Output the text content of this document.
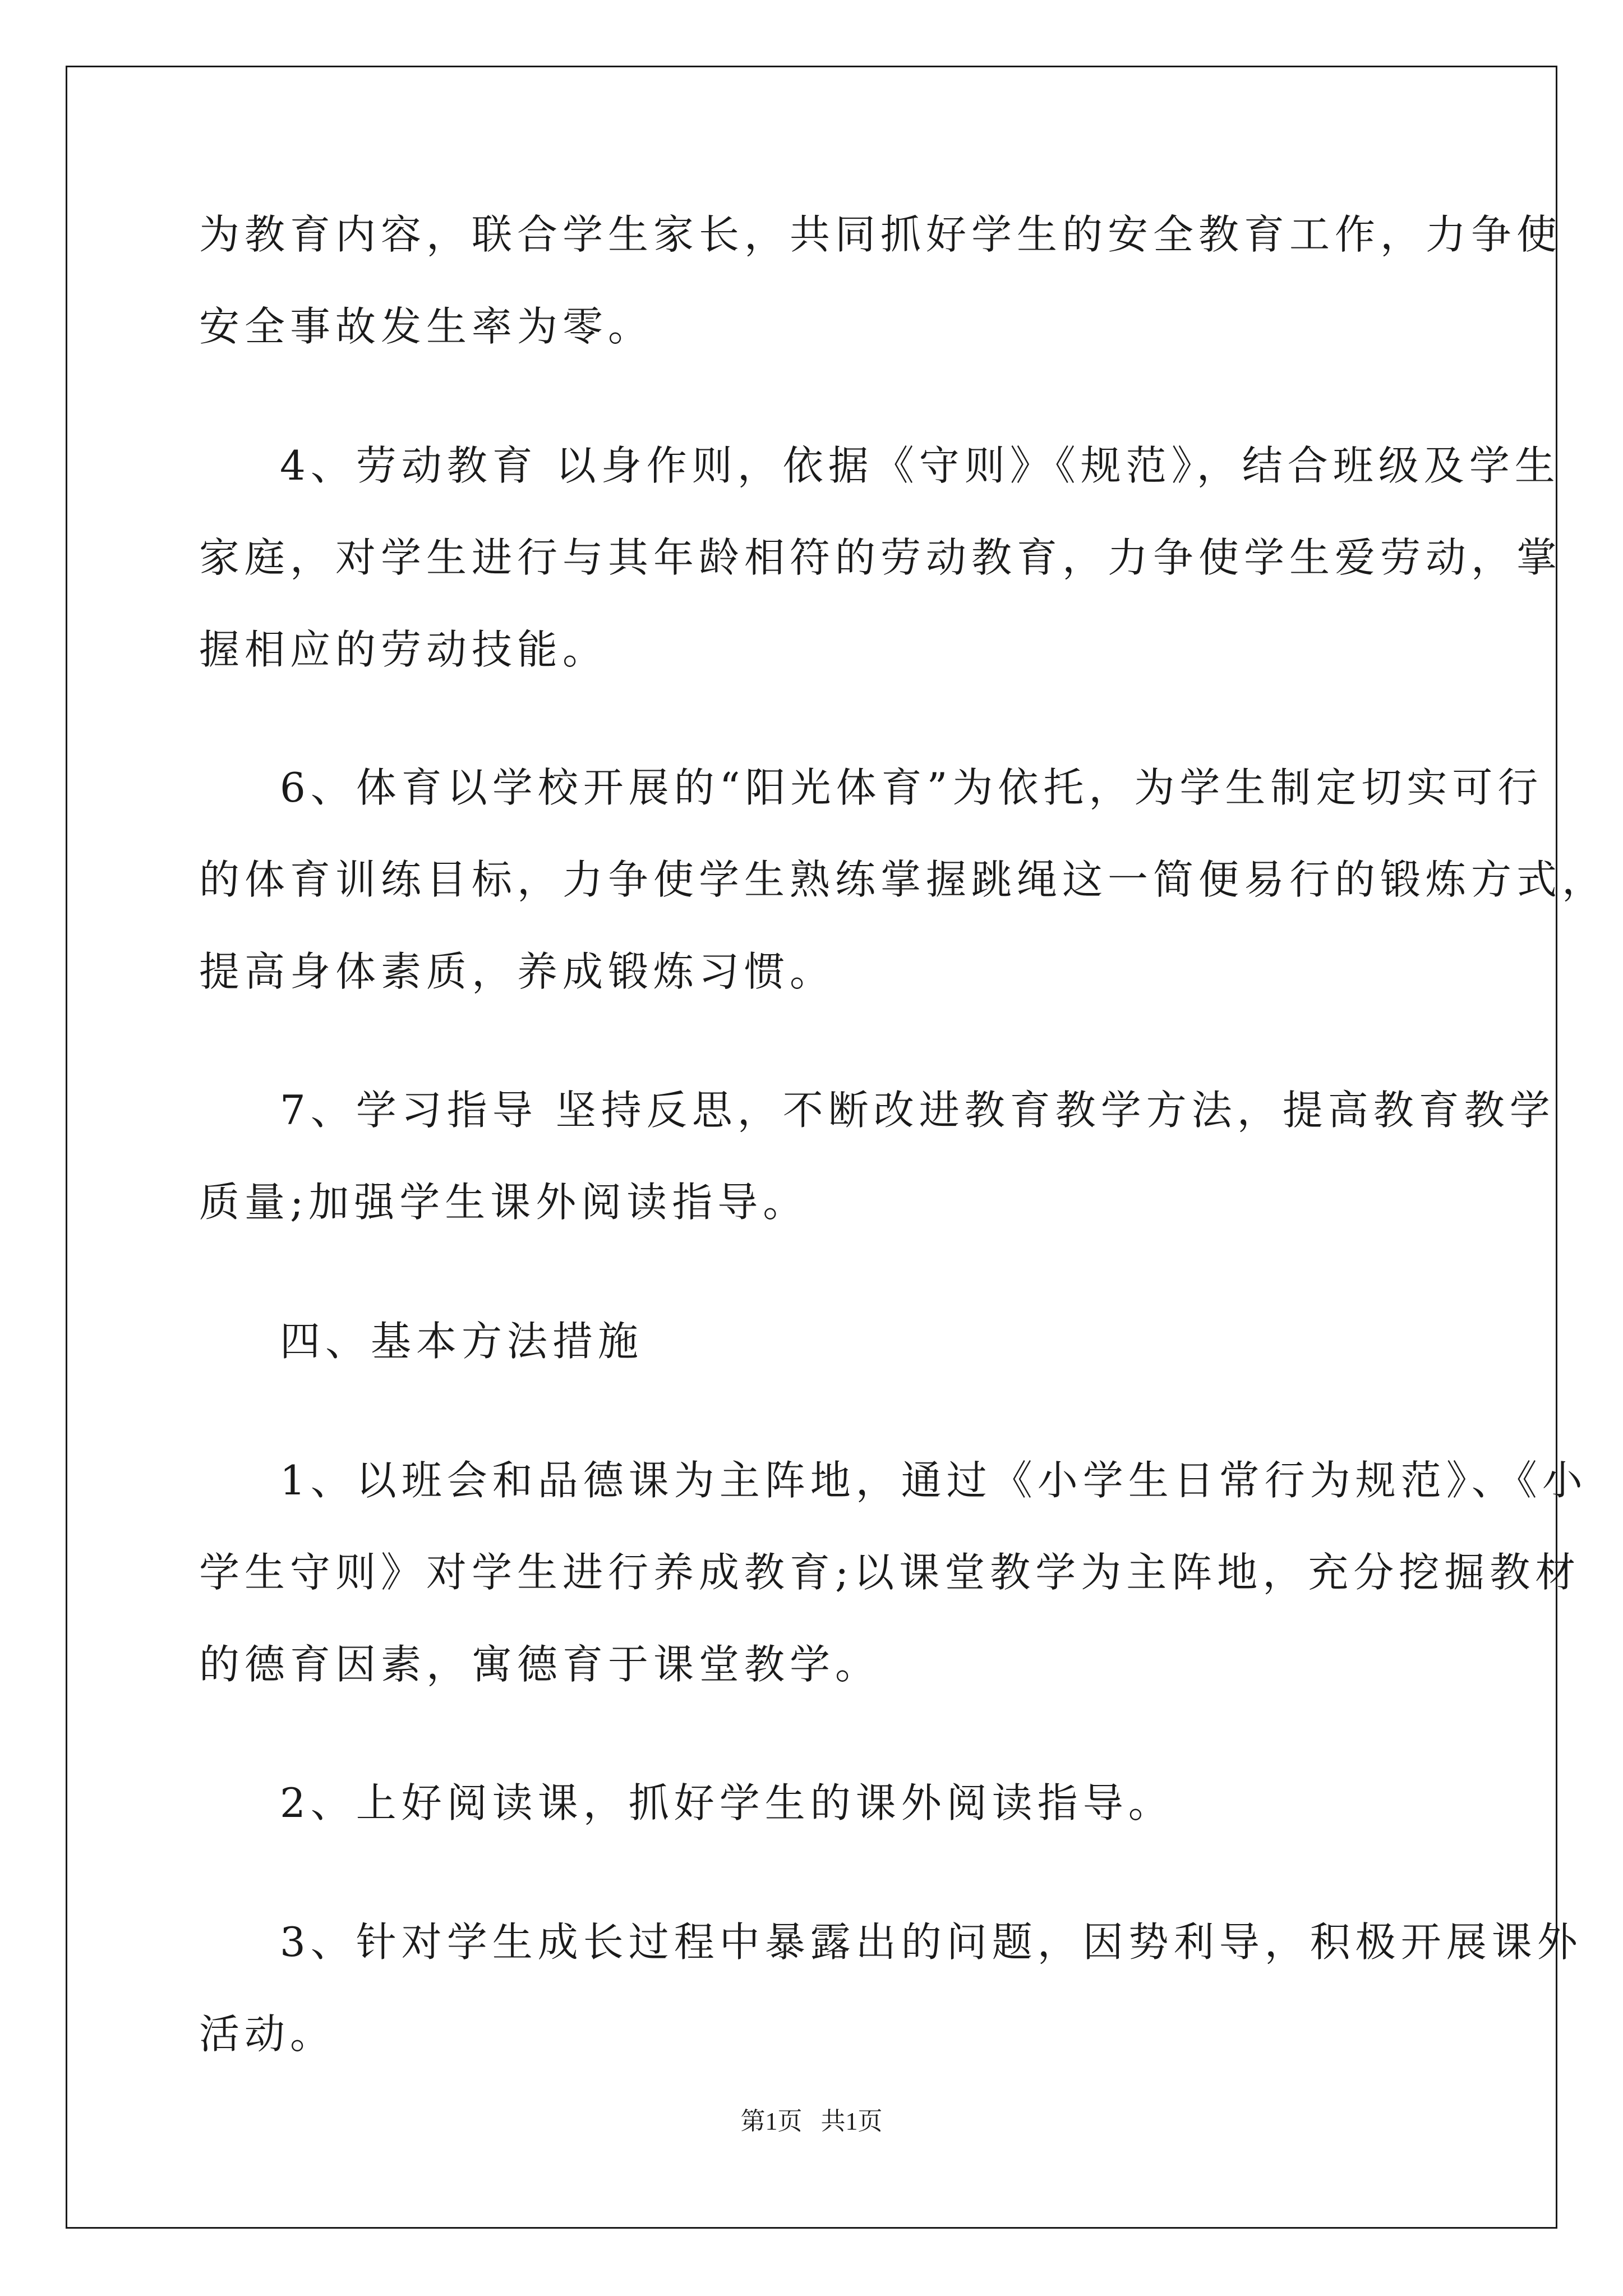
为教育内容，联合学生家长，共同抓好学生的安全教育工作，力争使
安全事故发生率为零。
4、劳动教育 以身作则，依据《守则》《规范》，结合班级及学生
家庭，对学生进行与其年龄相符的劳动教育，力争使学生爱劳动，掌
握相应的劳动技能。
6、体育以学校开展的“阳光体育”为依托，为学生制定切实可行
的体育训练目标，力争使学生熟练掌握跳绳这一简便易行的锻炼方式，
提高身体素质，养成锻炼习惯。
7、学习指导 坚持反思，不断改进教育教学方法，提高教育教学
质量;加强学生课外阅读指导。
四、基本方法措施
1、以班会和品德课为主阵地，通过《小学生日常行为规范》、《小
学生守则》对学生进行养成教育;以课堂教学为主阵地，充分挖掘教材
的德育因素，寓德育于课堂教学。
2、上好阅读课，抓好学生的课外阅读指导。
3、针对学生成长过程中暴露出的问题，因势利导，积极开展课外
活动。
第1页   共1页
